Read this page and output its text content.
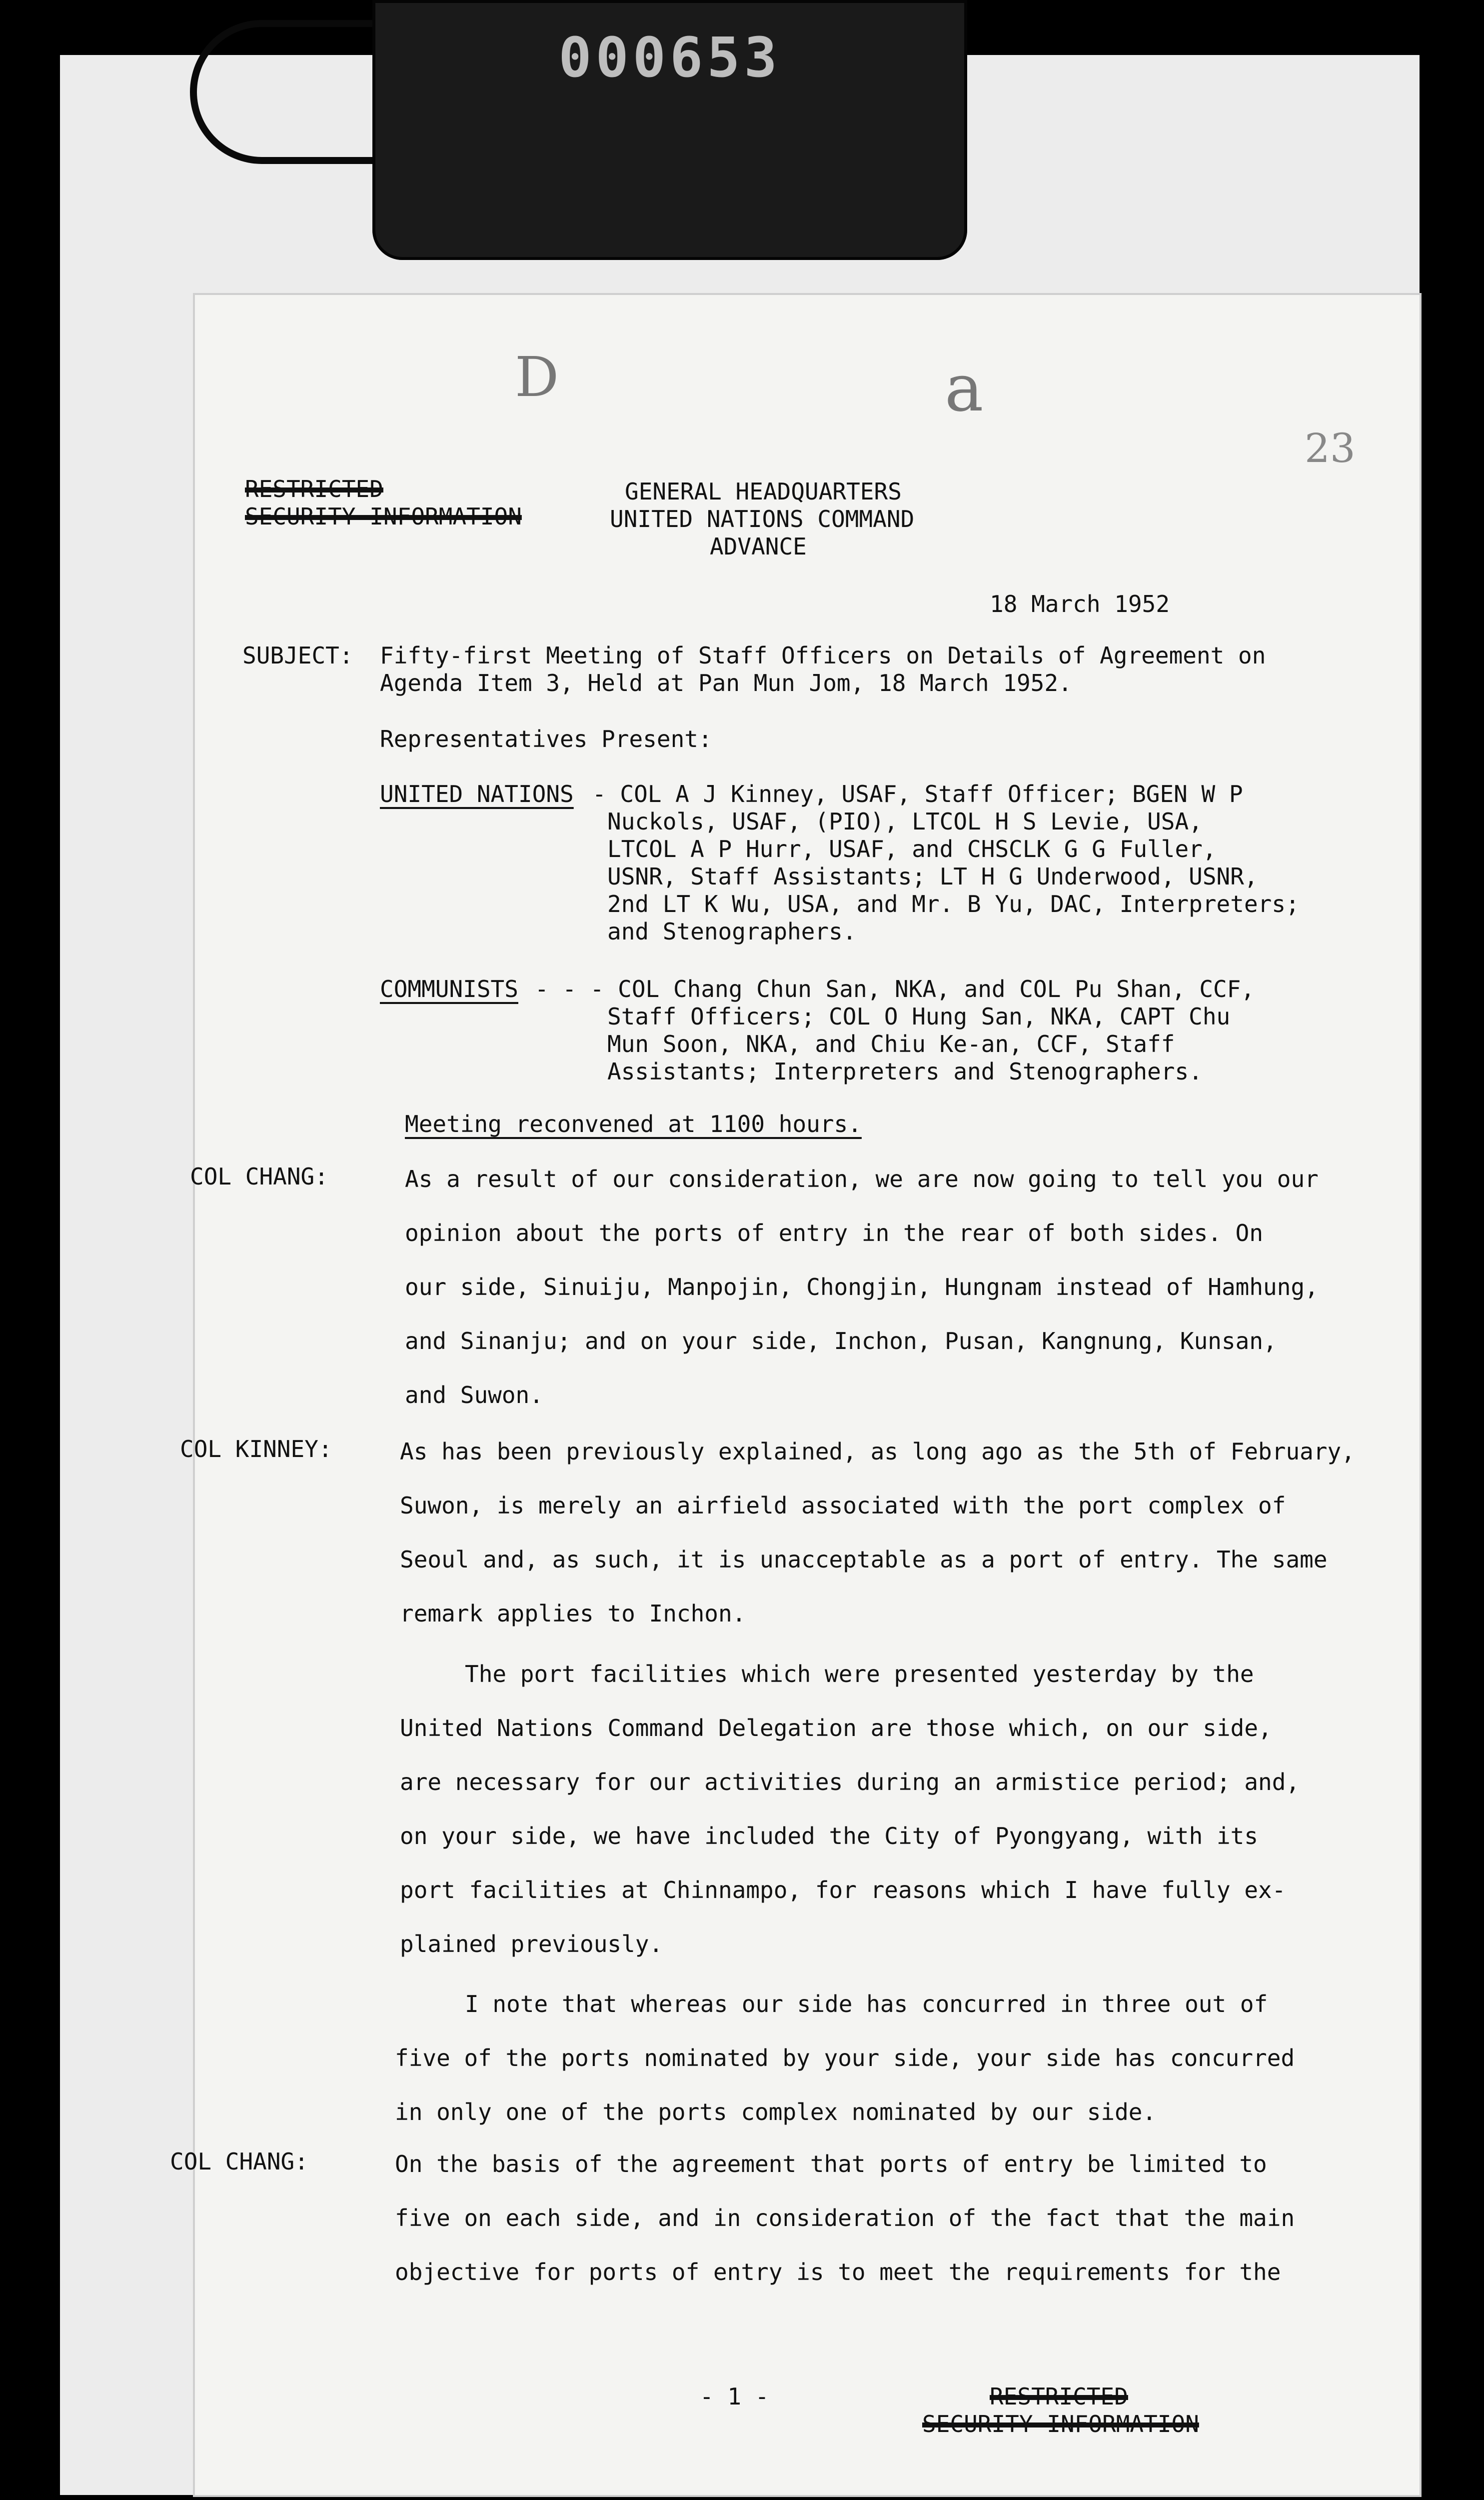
000653
D	a
23
RESTRICTED
SECURITY INFORMATION
GENERAL HEADQUARTERS
UNITED NATIONS COMMAND
ADVANCE
18 March 1952
SUBJECT: Fifty-first Meeting of Staff Officers on Details of Agreement on
Agenda Item 3, Held at Pan Mun Jom, 18 March 1952.
Representatives Present:
UNITED NATIONS - COL A J Kinney, USAF, Staff Officer; BGEN W P
Nuckols, USAF, (PIO), LTCOL H S Levie, USA,
LTCOL A P Hurr, USAF, and CHSCLK G G Fuller,
USNR, Staff Assistants; LT H G Underwood, USNR,
2nd LT K Wu, USA, and Mr. B Yu, DAC, Interpreters;
and Stenographers.
COMMUNISTS - - - COL Chang Chun San, NKA, and COL Pu Shan, CCF,
Staff Officers; COL O Hung San, NKA, CAPT Chu
Mun Soon, NKA, and Chiu Ke-an, CCF, Staff
Assistants; Interpreters and Stenographers.
Meeting reconvened at 1100 hours.
COL CHANG:	As a result of our consideration, we are now going to tell you our
opinion about the ports of entry in the rear of both sides. On
our side, Sinuiju, Manpojin, Chongjin, Hungnam instead of Hamhung,
and Sinanju; and on your side, Inchon, Pusan, Kangnung, Kunsan,
and Suwon.
COL KINNEY:	As has been previously explained, as long ago as the 5th of February,
Suwon, is merely an airfield associated with the port complex of
Seoul and, as such, it is unacceptable as a port of entry. The same
remark applies to Inchon.
The port facilities which were presented yesterday by the
United Nations Command Delegation are those which, on our side,
are necessary for our activities during an armistice period; and,
on your side, we have included the City of Pyongyang, with its
port facilities at Chinnampo, for reasons which I have fully ex-
plained previously.
I note that whereas our side has concurred in three out of
five of the ports nominated by your side, your side has concurred
in only one of the ports complex nominated by our side.
COL CHANG:	On the basis of the agreement that ports of entry be limited to
five on each side, and in consideration of the fact that the main
objective for ports of entry is to meet the requirements for the
- 1 -	RESTRICTED
SECURITY INFORMATION
